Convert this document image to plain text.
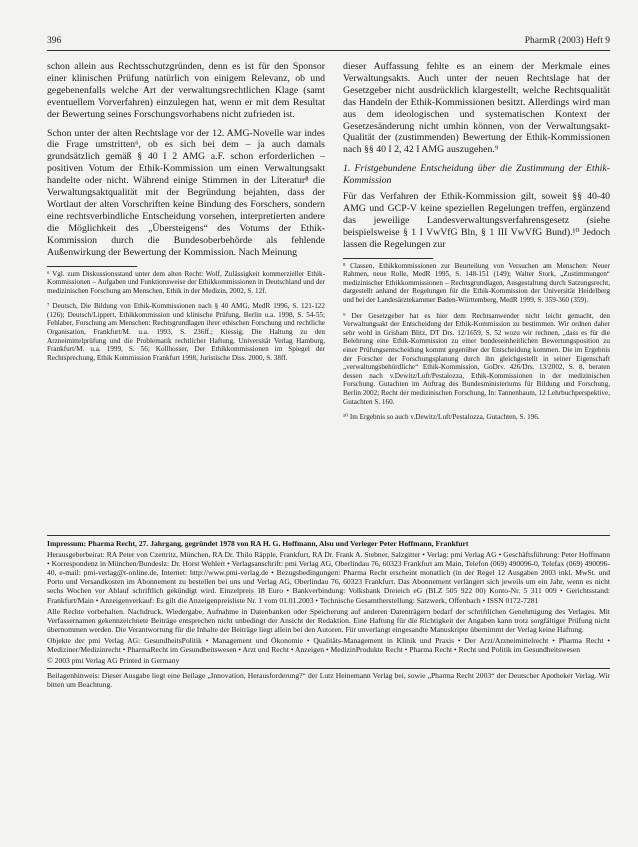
396	PharmR (2003) Heft 9

schon allein aus Rechtsschutzgründen, denn es ist für den Sponsor einer klinischen Prüfung natürlich von einigem Relevanz, ob und gegebenenfalls welche Art der verwaltungsrechtlichen Klage (samt eventuellem Vorverfahren) einzulegen hat, wenn er mit dem Resultat der Bewertung seines Forschungsvorhabens nicht zufrieden ist.

Schon unter der alten Rechtslage vor der 12. AMG-Novelle war indes die Frage umstritten⁶, ob es sich bei dem – ja auch damals grundsätzlich gemäß § 40 I 2 AMG a.F. schon erforderlichen – positiven Votum der Ethik-Kommission um einen Verwaltungsakt handelte oder nicht. Während einige Stimmen in der Literatur⁸ die Verwaltungsaktqualität mit der Begründung bejahten, dass der Wortlaut der alten Vorschriften keine Bindung des Forschers, sondern eine rechtsverbindliche Entscheidung vorsehen, interpretierten andere die Möglichkeit des „Übersteigens“ des Votums der Ethik-Kommission durch die Bundesoberbehörde als fehlende Außenwirkung der Bewertung der Kommission. Nach Meinung

⁶ Vgl. zum Diskussionsstand unter dem alten Recht: Wolf, Zulässigkeit kommerzieller Ethik-Kommissionen – Aufgaben und Funktionsweise der Ethikkommissionen in Deutschland und der medizinischen Forschung am Menschen, Ethik in der Medizin, 2002, S. 12f.

⁷ Deutsch, Die Bildung von Ethik-Kommissionen nach § 40 AMG, MedR 1996, S. 121-122 (126); Deutsch/Lippert, Ethikkommission und klinische Prüfung, Berlin u.a. 1998, S. 54-55; Fehlaber, Forschung am Menschen: Rechtsgrundlagen ihrer ethischen Forschung und rechtliche Organisation, Frankfurt/M. u.a. 1993, S. 236ff.; Kiessig, Die Haltung zu den Arzneimittelprüfung und die Problematik rechtlicher Haftung, Universität Verlag Hamburg, Frankfurt/M. u.a. 1999, S. 56; Kollhosser, Der Ethikkommissionen im Spiegel der Rechtsprechung, Ethik Kommission Frankfurt 1998, Juristische Diss. 2000, S. 38ff.

dieser Auffassung fehlte es an einem der Merkmale eines Verwaltungsakts. Auch unter der neuen Rechtslage hat der Gesetzgeber nicht ausdrücklich klargestellt, welche Rechtsqualität das Handeln der Ethik-Kommissionen besitzt. Allerdings wird man aus dem ideologischen und systematischen Kontext der Gesetzesänderung nicht umhin können, von der Verwaltungsakt-Qualität der (zustimmenden) Bewertung der Ethik-Kommissionen nach §§ 40 I 2, 42 I AMG auszugehen.⁹

1. Fristgebundene Entscheidung über die Zustimmung der Ethik-Kommission

Für das Verfahren der Ethik-Kommission gilt, soweit §§ 40-40 AMG und GCP-V keine speziellen Regelungen treffen, ergänzend das jeweilige Landesverwaltungsverfahrensgesetz (siehe beispielsweise § 1 I VwVfG Bln, § 1 III VwVfG Bund).¹⁰ Jedoch lassen die Regelungen zur

⁸ Classen, Ethikkommissionen zur Beurteilung von Versuchen am Menschen: Neuer Rahmen, neue Rolle, MedR 1995, S. 148-151 (149); Walter Stork, „Zustimmungen“ medizinischer Ethikkommissionen – Rechtsgrundlagen, Ausgestaltung durch Satzungsrecht, dargestellt anhand der Regelungen für die Ethik-Kommission der Universität Heidelberg und bei der Landesärztekammer Baden-Württemberg, MedR 1999, S. 359-360 (359).

⁹ Der Gesetzgeber hat es hier dem Rechtsanwender nicht leicht gemacht, den Verwaltungsakt der Entscheidung der Ethik-Kommission zu bestimmen. Wir ordnen daher sehr wohl in Grisham Blitz, DT Drs. 12/1659, S. 52 wozu wir rechnen, „dass es für die Belehrung eine Ethik-Kommission zu einer bundeseinheitlichen Bewertungsposition zu einer Prüfungsentscheidung kommt gegenüber der Entscheidung kommen. Die im Ergebnis der Forscher der Forschungsplanung durch ihn gleichgestellt in seiner Eigenschaft „verwaltungsbehördliche“ Ethik-Kommission, GoDrv. 426/Drs. 13/2002, S. 8, beraten dessen nach v.Dewitz/Luft/Pestalozza, Ethik-Kommissionen in der medizinischen Forschung. Gutachten im Auftrag des Bundesministeriums für Bildung und Forschung, Berlin 2002; Recht der medizinischen Forschung, In: Tannenbaum, 12 Lehrbuchperspektive, Gutachten S. 160.

¹⁰ Im Ergebnis so auch v.Dewitz/Luft/Pestalozza, Gutachten, S. 196.

Impressum: Pharma Recht, 27. Jahrgang, gegründet 1978 von RA H. G. Hoffmann, Alsu und Verleger Peter Hoffmann, Frankfurt

Herausgeberbeirat: RA Peter von Czettritz, München, RA Dr. Thilo Räpple, Frankfurt, RA Dr. Frank A. Stebner, Salzgitter • Verlag: pmi Verlag AG • Geschäftsführung: Peter Hoffmann • Korrespondenz in München/Bundeslz: Dr. Horst Wehlert • Verlagsanschrift: pmi Verlag AG, Oberlindau 76, 60323 Frankfurt am Main, Telefon (069) 490096-0, Telefax (069) 490096-40, e-mail: pmi-verlag@t-online.de, Internet: http://www.pmi-verlag.de • Bezugsbedingungen: Pharma Recht erscheint monatlich (in der Regel 12 Ausgaben 2003 inkl. MwSt. und Porto und Versandkosten im Abonnement zu bestellen bei uns und Verlag AG, Oberlindau 76, 60323 Frankfurt. Das Abonnement verlängert sich jeweils um ein Jahr, wenn es nicht sechs Wochen vor Ablauf schriftlich gekündigt wird. Einzelpreis 18 Euro • Bankverbindung: Volksbank Dreieich eG (BLZ 505 922 00) Konto-Nr. 5 311 009 • Gerichtsstand: Frankfurt/Main • Anzeigenverkauf: Es gilt die Anzeigenpreisliste Nr. 1 vom 01.01.2003 • Technische Gesamtherstellung: Satzwerk, Offenbach • ISSN 0172-7281

Alle Rechte vorbehalten. Nachdruck, Wiedergabe, Aufnahme in Datenbanken oder Speicherung auf anderen Datenträgern bedarf der schriftlichen Genehmigung des Verlages. Mit Verfassernamen gekennzeichnete Beiträge entsprechen nicht unbedingt der Ansicht der Redaktion. Eine Haftung für die Richtigkeit der Angaben kann trotz sorgfältiger Prüfung nicht übernommen werden. Die Verantwortung für die Inhalte der Beiträge liegt allein bei den Autoren. Für unverlangt eingesandte Manuskripte übernimmt der Verlag keine Haftung.

Objekte der pmi Verlag AG: GesundheitsPolitik • Management und Ökonomie • Qualitäts-Management in Klinik und Praxis • Der Arzt/Arzneimittelrecht • Pharma Recht • Mediziner/Medizinrecht • PharmaRecht im Gesundheitswesen • Arzt und Recht • Anzeigen • MedizinProdukte Recht • Pharma Recht • Recht und Politik im Gesundheitswesen

© 2003 pmi Verlag AG Printed in Germany

Beilagenhinweis: Dieser Ausgabe liegt eine Beilage „Innovation, Herausforderung?“ der Lutz Heinemann Verlag bei, sowie „Pharma Recht 2003“ der Deutscher Apotheker Verlag. Wir bitten um Beachtung.
